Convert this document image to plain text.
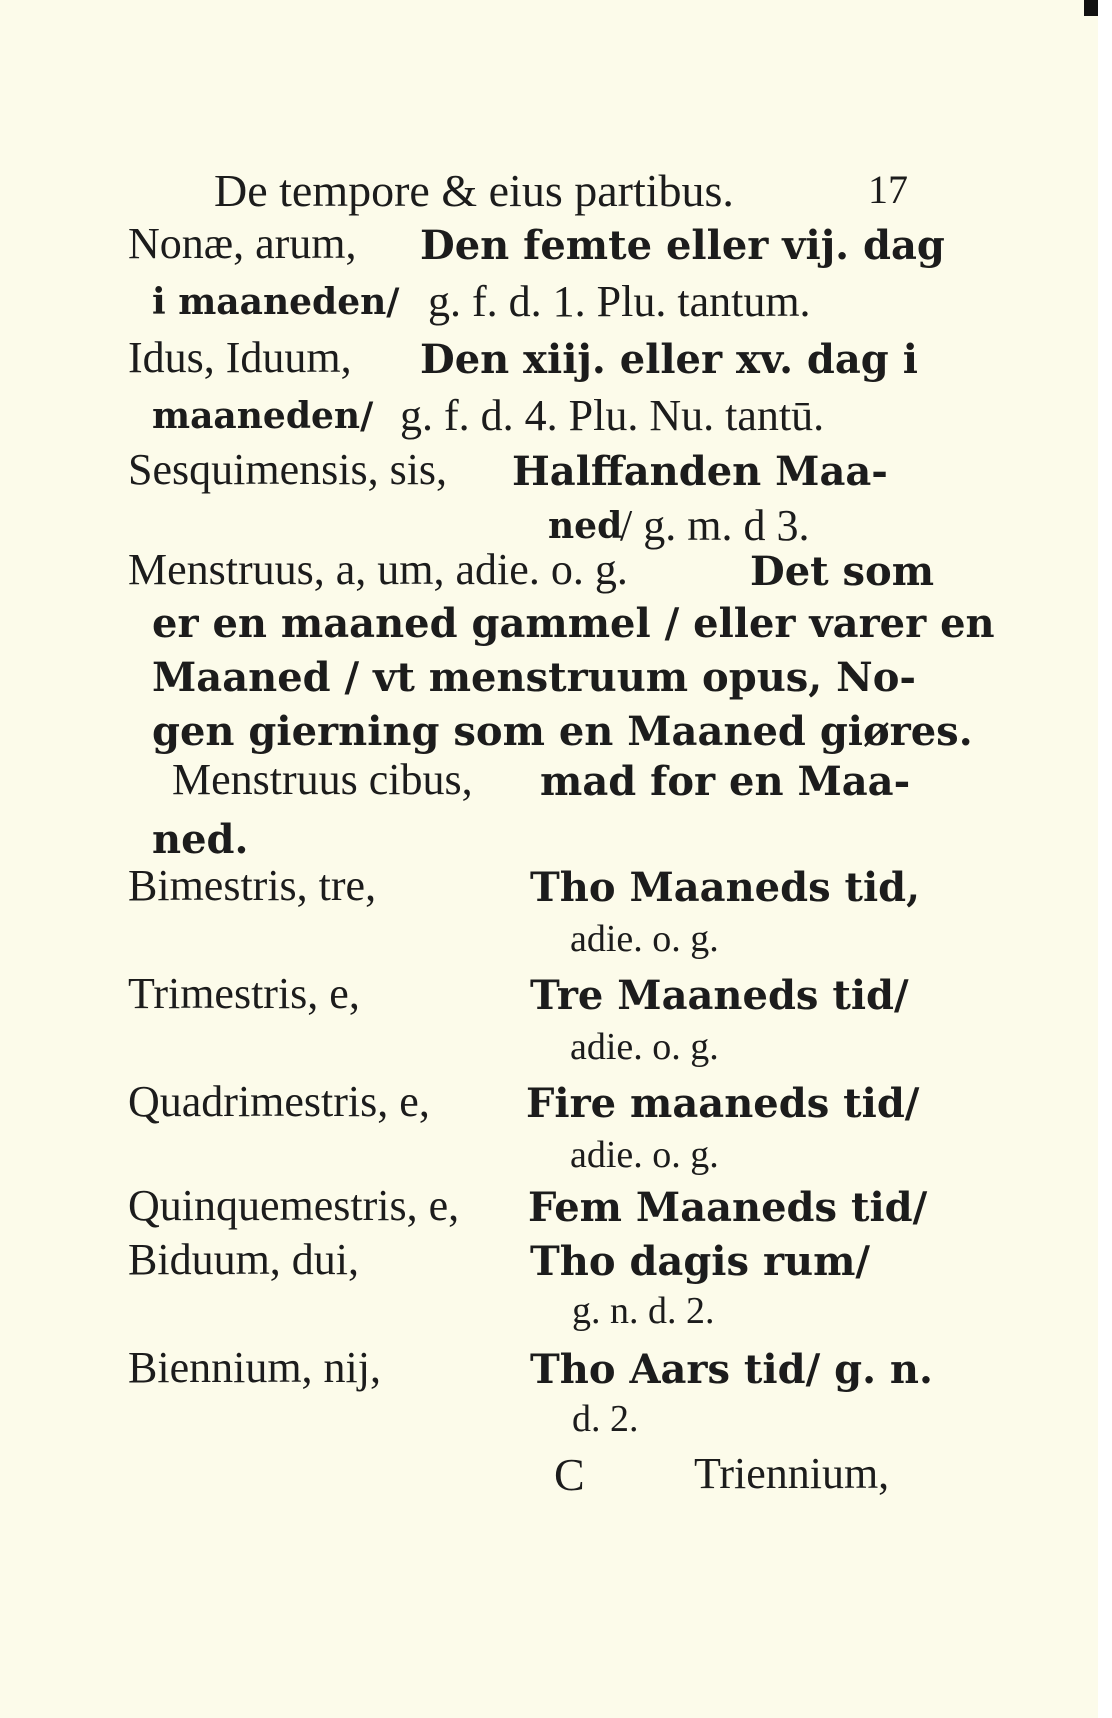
De tempore & eius partibus.	17
Nonæ, arum, Den femte eller vij. dag
i maaneden/ g. f. d. 1. Plu. tantum.
Idus, Iduum, Den xiij. eller xv. dag i
maaneden/ g. f. d. 4. Plu. Nu. tantū.
Sesquimensis, sis, Halffanden Maa-
ned
/ g. m. d 3.
Menstruus, a, um, adie. o. g.	Det som
er en maaned gammel / eller varer en
Maaned / vt menstruum opus, No-
gen gierning som en Maaned giøres.
Menstruus cibus, mad for en Maa-
ned.
Bimestris, tre,	Tho Maaneds tid,
adie. o. g.
Trimestris, e,	Tre Maaneds tid/
adie. o. g.
Quadrimestris, e, Fire maaneds tid/
adie. o. g.
Quinquemestris, e, Fem Maaneds tid/
Biduum, dui,	Tho dagis rum/
g. n. d. 2.
Biennium, nij,	Tho Aars tid/ g. n.
d. 2.
C Triennium,
